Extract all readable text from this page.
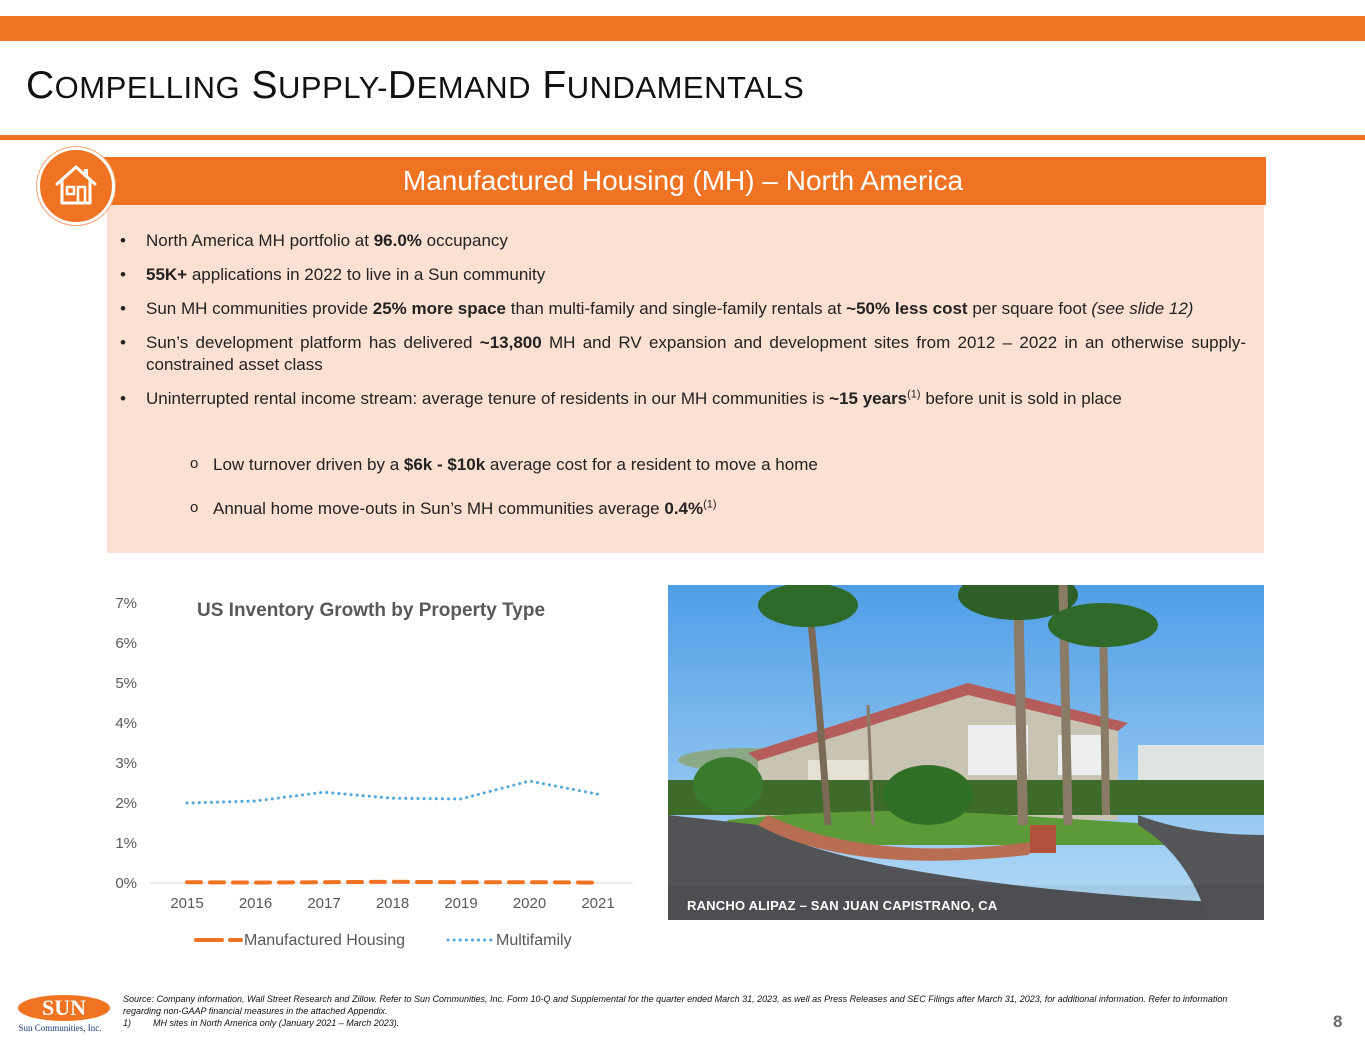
COMPELLING SUPPLY-DEMAND FUNDAMENTALS
Manufactured Housing (MH) – North America
• North America MH portfolio at 96.0% occupancy
• 55K+ applications in 2022 to live in a Sun community
• Sun MH communities provide 25% more space than multi-family and single-family rentals at ~50% less cost per square foot (see slide 12)
• Sun’s development platform has delivered ~13,800 MH and RV expansion and development sites from 2012 – 2022 in an otherwise supply-constrained asset class
• Uninterrupted rental income stream: average tenure of residents in our MH communities is ~15 years$^{(1)}$ before unit is sold in place
o Low turnover driven by a $6k - $10k average cost for a resident to move a home
o Annual home move-outs in Sun’s MH communities average 0.4%$^{(1)}$
US Inventory Growth by Property Type
0%
1%
2%
3%
4%
5%
6%
7%
2015 2016 2017 2018 2019 2020 2021
Manufactured Housing	Multifamily
RANCHO ALIPAZ – SAN JUAN CAPISTRANO, CA
SUN
Sun Communities, Inc.
Source: Company information, Wall Street Research and Zillow. Refer to Sun Communities, Inc. Form 10-Q and Supplemental for the quarter ended March 31, 2023, as well as Press Releases and SEC Filings after March 31, 2023, for additional information. Refer to information regarding non-GAAP financial measures in the attached Appendix.
1) MH sites in North America only (January 2021 – March 2023).	8
